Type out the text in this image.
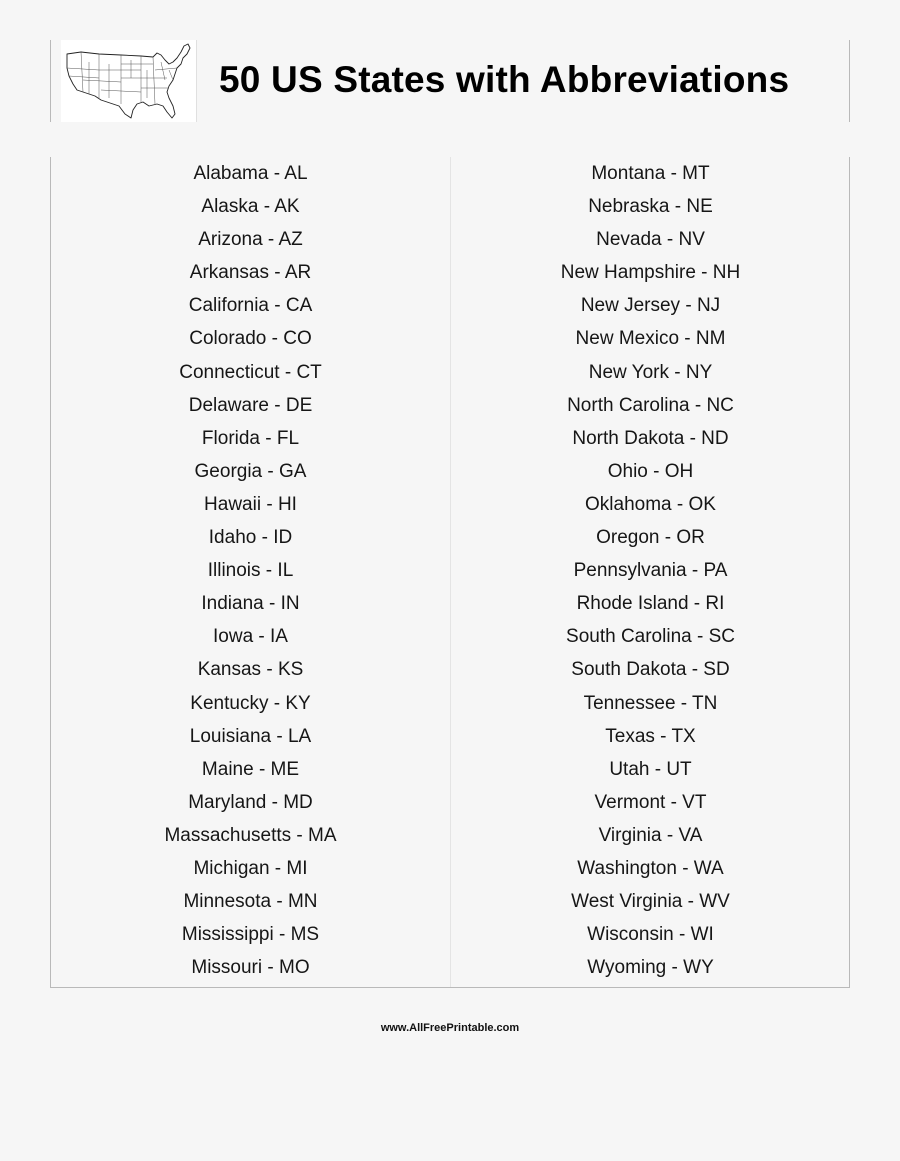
50 US States with Abbreviations
Alabama - AL
Alaska - AK
Arizona - AZ
Arkansas - AR
California - CA
Colorado - CO
Connecticut - CT
Delaware - DE
Florida - FL
Georgia - GA
Hawaii - HI
Idaho - ID
Illinois - IL
Indiana - IN
Iowa - IA
Kansas - KS
Kentucky - KY
Louisiana - LA
Maine - ME
Maryland - MD
Massachusetts - MA
Michigan - MI
Minnesota - MN
Mississippi - MS
Missouri - MO
Montana - MT
Nebraska - NE
Nevada - NV
New Hampshire - NH
New Jersey - NJ
New Mexico - NM
New York - NY
North Carolina - NC
North Dakota - ND
Ohio - OH
Oklahoma - OK
Oregon - OR
Pennsylvania - PA
Rhode Island - RI
South Carolina - SC
South Dakota - SD
Tennessee - TN
Texas - TX
Utah - UT
Vermont - VT
Virginia - VA
Washington - WA
West Virginia - WV
Wisconsin - WI
Wyoming - WY
www.AllFreePrintable.com
